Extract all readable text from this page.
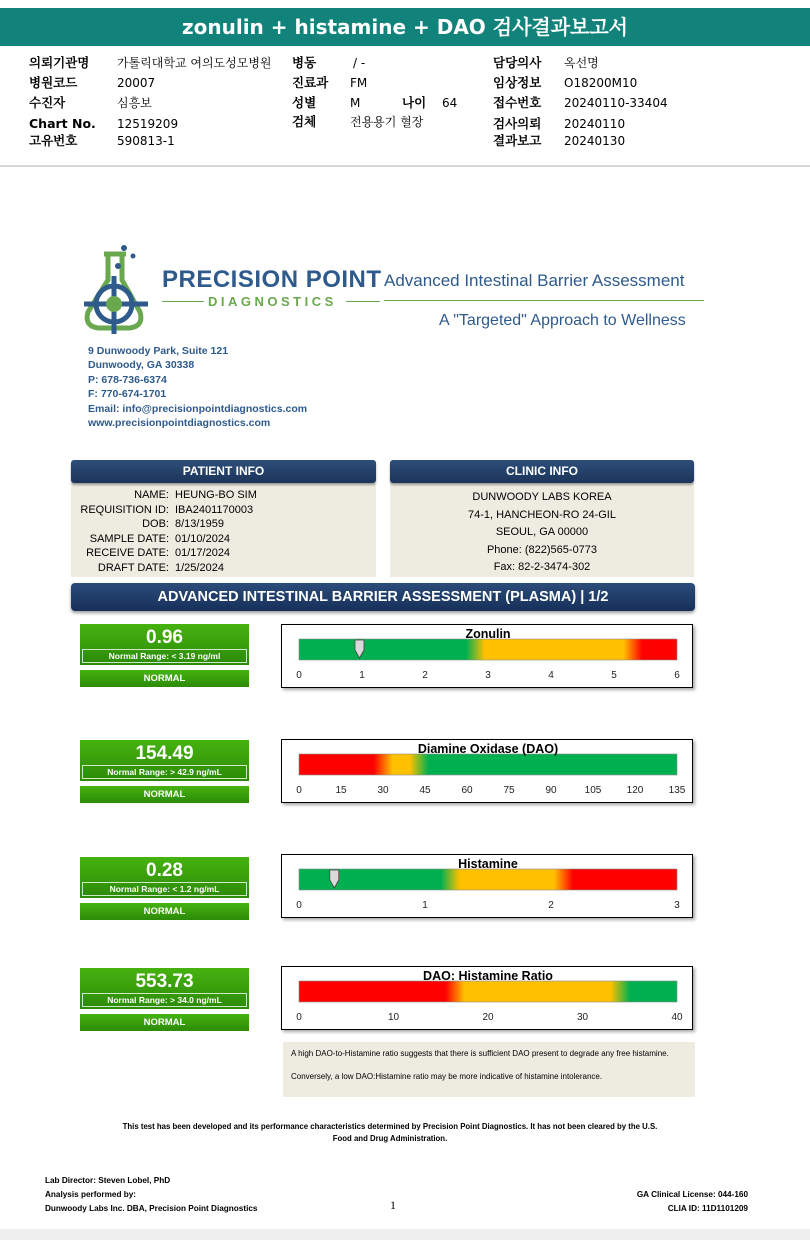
zonulin + histamine + DAO 검사결과보고서
의뢰기관명 가톨릭대학교 여의도성모병원 병동	/ -	담당의사 옥선명
병원코드	20007	진료과 FM	임상정보 O18200M10
수진자	심흥보	성별	M	나이 64	접수번호 20240110-33404
Chart No. 12519209	검체	전용용기 혈장	검사의뢰 20240110
고유번호	590813-1	결과보고 20240130
PRECISION POINT
DIAGNOSTICS
Advanced Intestinal Barrier Assessment
A "Targeted" Approach to Wellness
9 Dunwoody Park, Suite 121
Dunwoody, GA 30338
P: 678-736-6374
F: 770-674-1701
Email: info@precisionpointdiagnostics.com
www.precisionpointdiagnostics.com
PATIENT INFO
NAME: HEUNG-BO SIM
REQUISITION ID: IBA2401170003
DOB: 8/13/1959
SAMPLE DATE: 01/10/2024
RECEIVE DATE: 01/17/2024
DRAFT DATE: 1/25/2024
CLINIC INFO
DUNWOODY LABS KOREA
74-1, HANCHEON-RO 24-GIL
SEOUL, GA 00000
Phone: (822)565-0773
Fax: 82-2-3474-302
ADVANCED INTESTINAL BARRIER ASSESSMENT (PLASMA) | 1/2
0.96
Normal Range: < 3.19 ng/ml
NORMAL
Zonulin
0	1	2	3	4	5	6
154.49
Normal Range: > 42.9 ng/mL
NORMAL
Diamine Oxidase (DAO)
0	15	30	45	60	75	90	105	120	135
0.28
Normal Range: < 1.2 ng/mL
NORMAL
Histamine
0	1	2	3
553.73
Normal Range: > 34.0 ng/mL
NORMAL
DAO: Histamine Ratio
0	10	20	30	40
A high DAO-to-Histamine ratio suggests that there is sufficient DAO present to degrade any free histamine.
Conversely, a low DAO:Histamine ratio may be more indicative of histamine intolerance.
This test has been developed and its performance characteristics determined by Precision Point Diagnostics. It has not been cleared by the U.S.
Food and Drug Administration.
Lab Director: Steven Lobel, PhD
Analysis performed by:
Dunwoody Labs Inc. DBA, Precision Point Diagnostics	1
GA Clinical License: 044-160
CLIA ID: 11D1101209
